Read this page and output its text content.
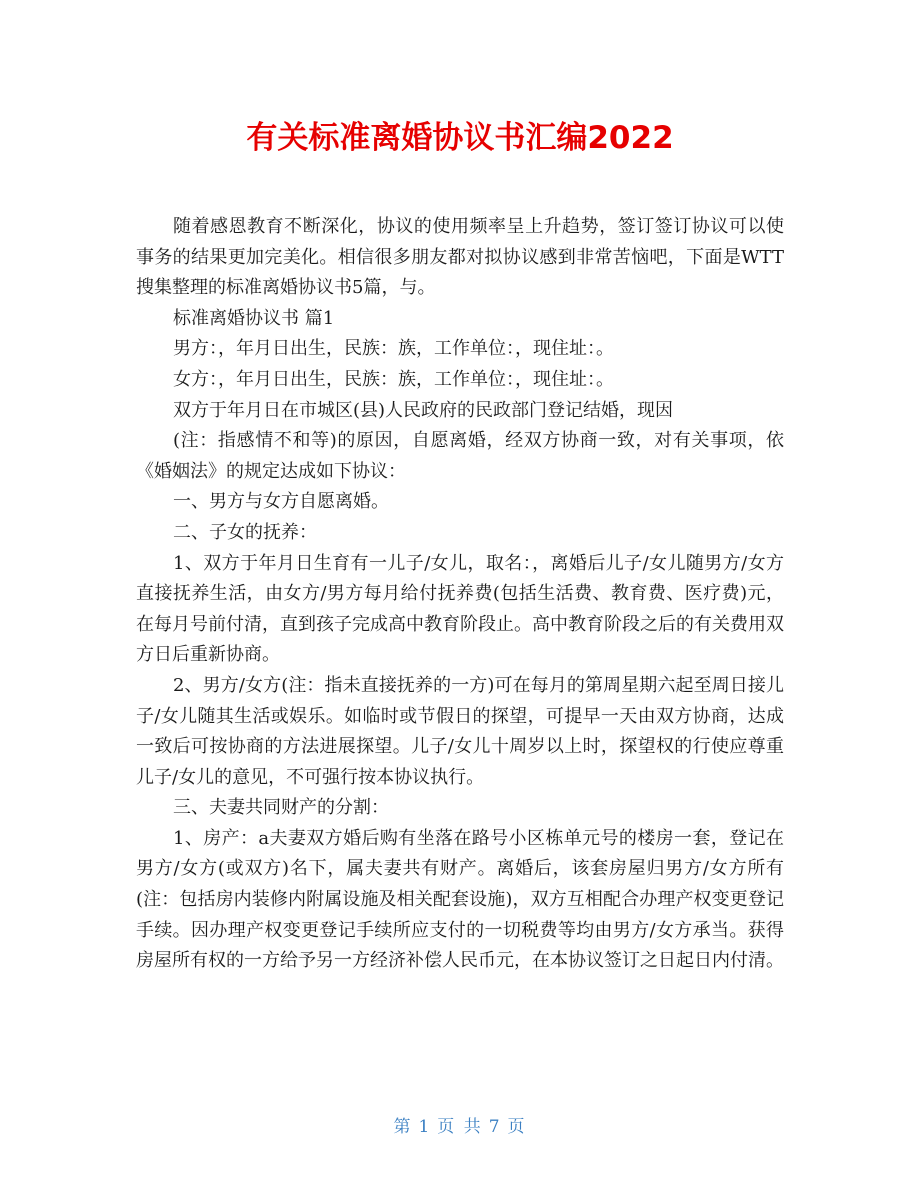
有关标准离婚协议书汇编2022

随着感恩教育不断深化，协议的使用频率呈上升趋势，签订签订协议可以使事务的结果更加完美化。相信很多朋友都对拟协议感到非常苦恼吧，下面是WTT搜集整理的标准离婚协议书5篇，与。

标准离婚协议书 篇1

男方：，年月日出生，民族：族，工作单位：，现住址：。

女方：，年月日出生，民族：族，工作单位：，现住址：。

双方于年月日在市城区(县)人民政府的民政部门登记结婚，现因

(注：指感情不和等)的原因，自愿离婚，经双方协商一致，对有关事项，依《婚姻法》的规定达成如下协议：

一、男方与女方自愿离婚。

二、子女的抚养：

1、双方于年月日生育有一儿子/女儿，取名：，离婚后儿子/女儿随男方/女方直接抚养生活，由女方/男方每月给付抚养费(包括生活费、教育费、医疗费)元，在每月号前付清，直到孩子完成高中教育阶段止。高中教育阶段之后的有关费用双方日后重新协商。

2、男方/女方(注：指未直接抚养的一方)可在每月的第周星期六起至周日接儿子/女儿随其生活或娱乐。如临时或节假日的探望，可提早一天由双方协商，达成一致后可按协商的方法进展探望。儿子/女儿十周岁以上时，探望权的行使应尊重儿子/女儿的意见，不可强行按本协议执行。

三、夫妻共同财产的分割：

1、房产：a夫妻双方婚后购有坐落在路号小区栋单元号的楼房一套，登记在男方/女方(或双方)名下，属夫妻共有财产。离婚后，该套房屋归男方/女方所有(注：包括房内装修内附属设施及相关配套设施)，双方互相配合办理产权变更登记手续。因办理产权变更登记手续所应支付的一切税费等均由男方/女方承当。获得房屋所有权的一方给予另一方经济补偿人民币元，在本协议签订之日起日内付清。

第 1 页 共 7 页
